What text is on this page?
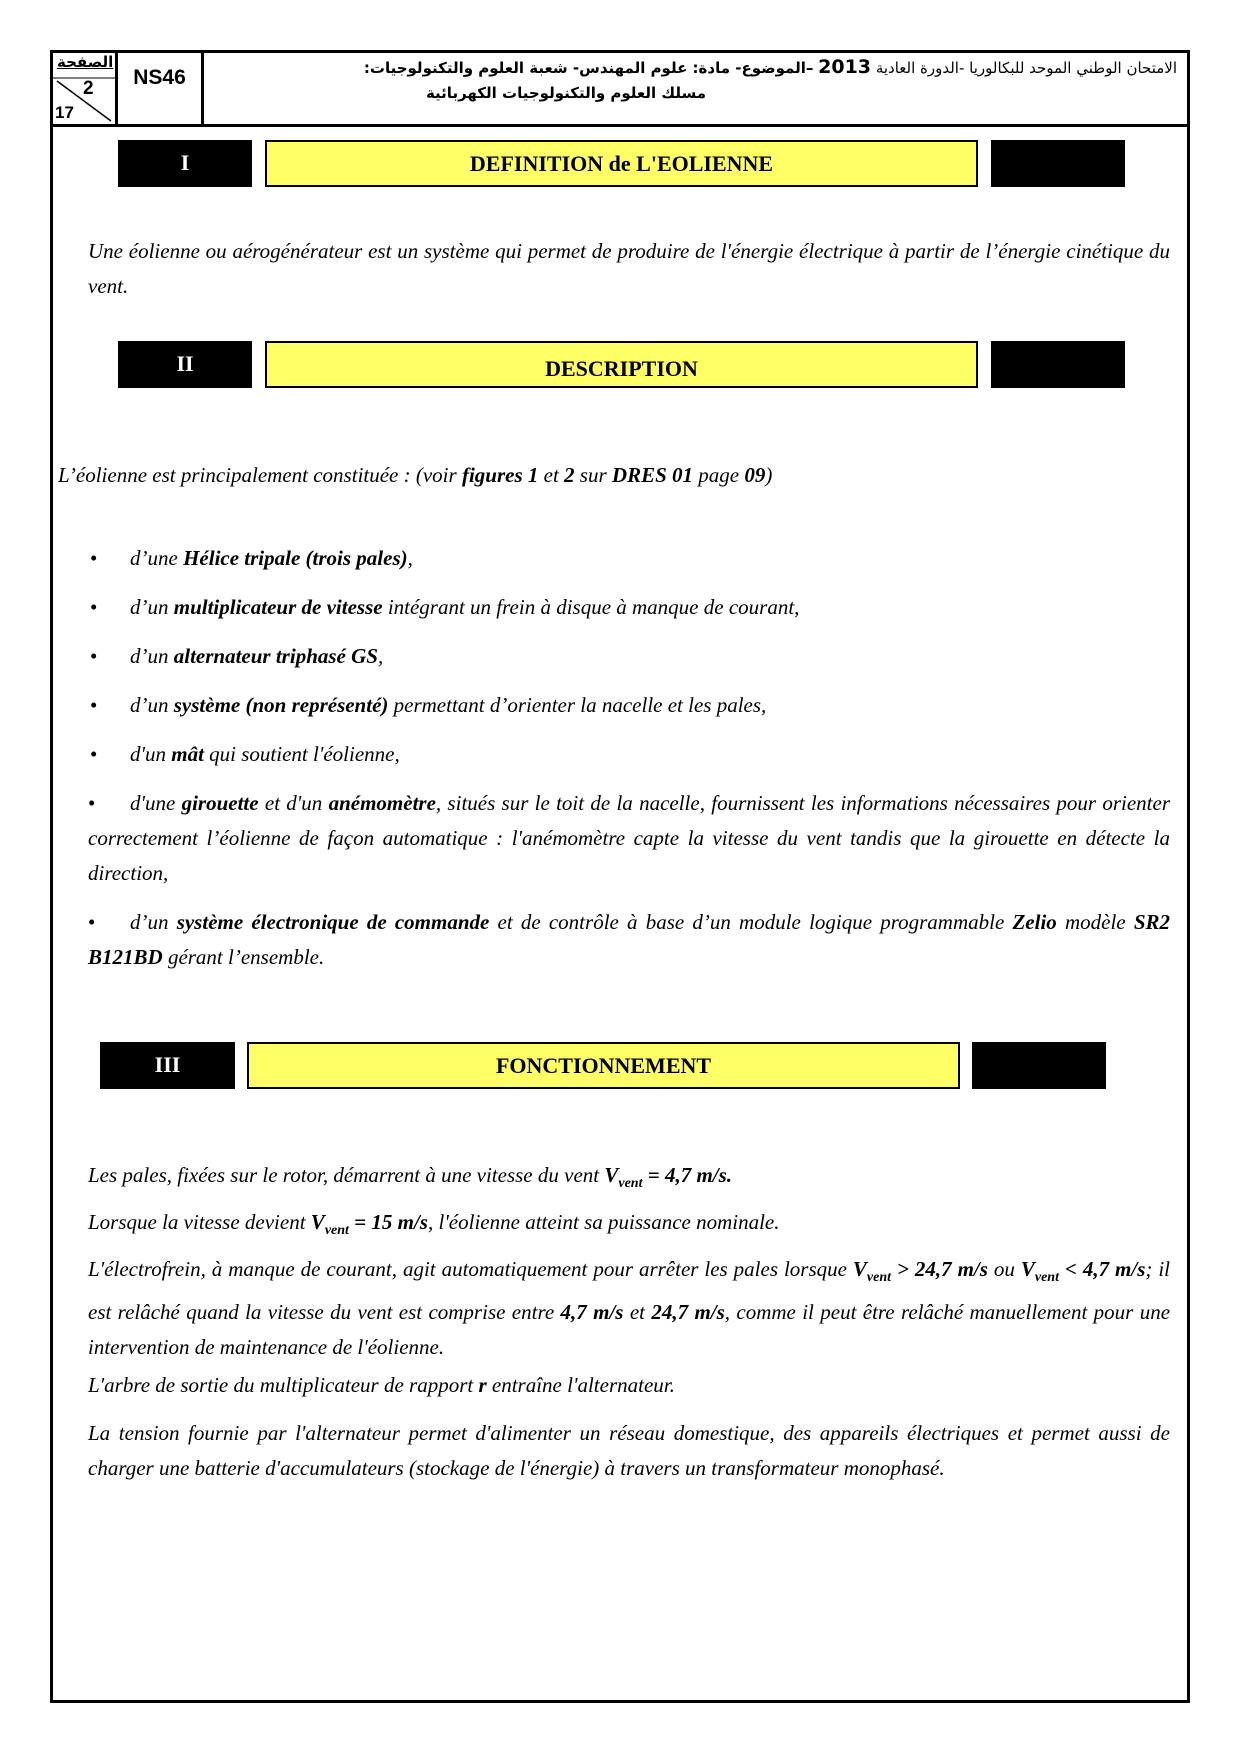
الصفحة
2
17
NS46	الامتحان الوطني الموحد للبكالوريا -الدورة العادية 2013 –الموضوع- مادة: علوم المهندس- شعبة العلوم والتكنولوجيات:
مسلك العلوم والتكنولوجيات الكهربائية
I	DEFINITION de L'EOLIENNE
Une éolienne ou aérogénérateur est un système qui permet de produire de l'énergie électrique à partir de l’énergie cinétique du vent.
II	DESCRIPTION
L’éolienne est principalement constituée : (voir figures 1 et 2 sur DRES 01 page 09)
• d’une Hélice tripale (trois pales),
• d’un multiplicateur de vitesse intégrant un frein à disque à manque de courant,
• d’un alternateur triphasé GS,
• d’un système (non représenté) permettant d’orienter la nacelle et les pales,
• d'un mât qui soutient l'éolienne,
• d'une girouette et d'un anémomètre, situés sur le toit de la nacelle, fournissent les informations nécessaires pour orienter correctement l’éolienne de façon automatique : l'anémomètre capte la vitesse du vent tandis que la girouette en détecte la direction,
• d’un système électronique de commande et de contrôle à base d’un module logique programmable Zelio modèle SR2 B121BD gérant l’ensemble.
III	FONCTIONNEMENT
Les pales, fixées sur le rotor, démarrent à une vitesse du vent $V_{vent} = 4,7$ m/s.
Lorsque la vitesse devient $V_{vent} = 15$ m/s, l'éolienne atteint sa puissance nominale.
L'électrofrein, à manque de courant, agit automatiquement pour arrêter les pales lorsque $V_{vent} > 24,7$ m/s ou $V_{vent} < 4,7$ m/s; il est relâché quand la vitesse du vent est comprise entre 4,7 m/s et 24,7 m/s, comme il peut être relâché manuellement pour une intervention de maintenance de l'éolienne.
L'arbre de sortie du multiplicateur de rapport r entraîne l'alternateur.
La tension fournie par l'alternateur permet d'alimenter un réseau domestique, des appareils électriques et permet aussi de charger une batterie d'accumulateurs (stockage de l'énergie) à travers un transformateur monophasé.
